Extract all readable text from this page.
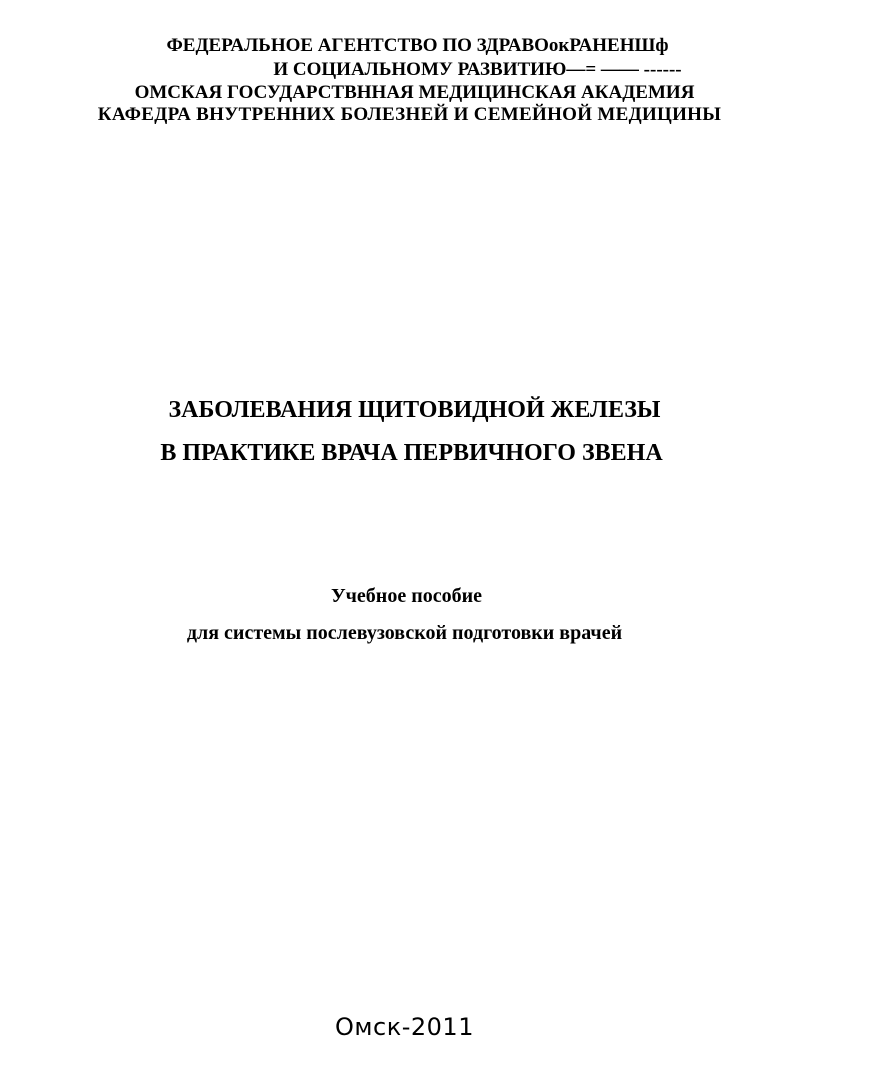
ФЕДЕРАЛЬНОЕ АГЕНТСТВО ПО ЗДРАВОокРАНЕНШф
И СОЦИАЛЬНОМУ РАЗВИТИЮ—= —— ------
ОМСКАЯ ГОСУДАРСТВННАЯ МЕДИЦИНСКАЯ АКАДЕМИЯ
КАФЕДРА ВНУТРЕННИХ БОЛЕЗНЕЙ И СЕМЕЙНОЙ МЕДИЦИНЫ
ЗАБОЛЕВАНИЯ ЩИТОВИДНОЙ ЖЕЛЕЗЫ
В ПРАКТИКЕ ВРАЧА ПЕРВИЧНОГО ЗВЕНА
Учебное пособие
для системы послевузовской подготовки врачей
Омск-2011
